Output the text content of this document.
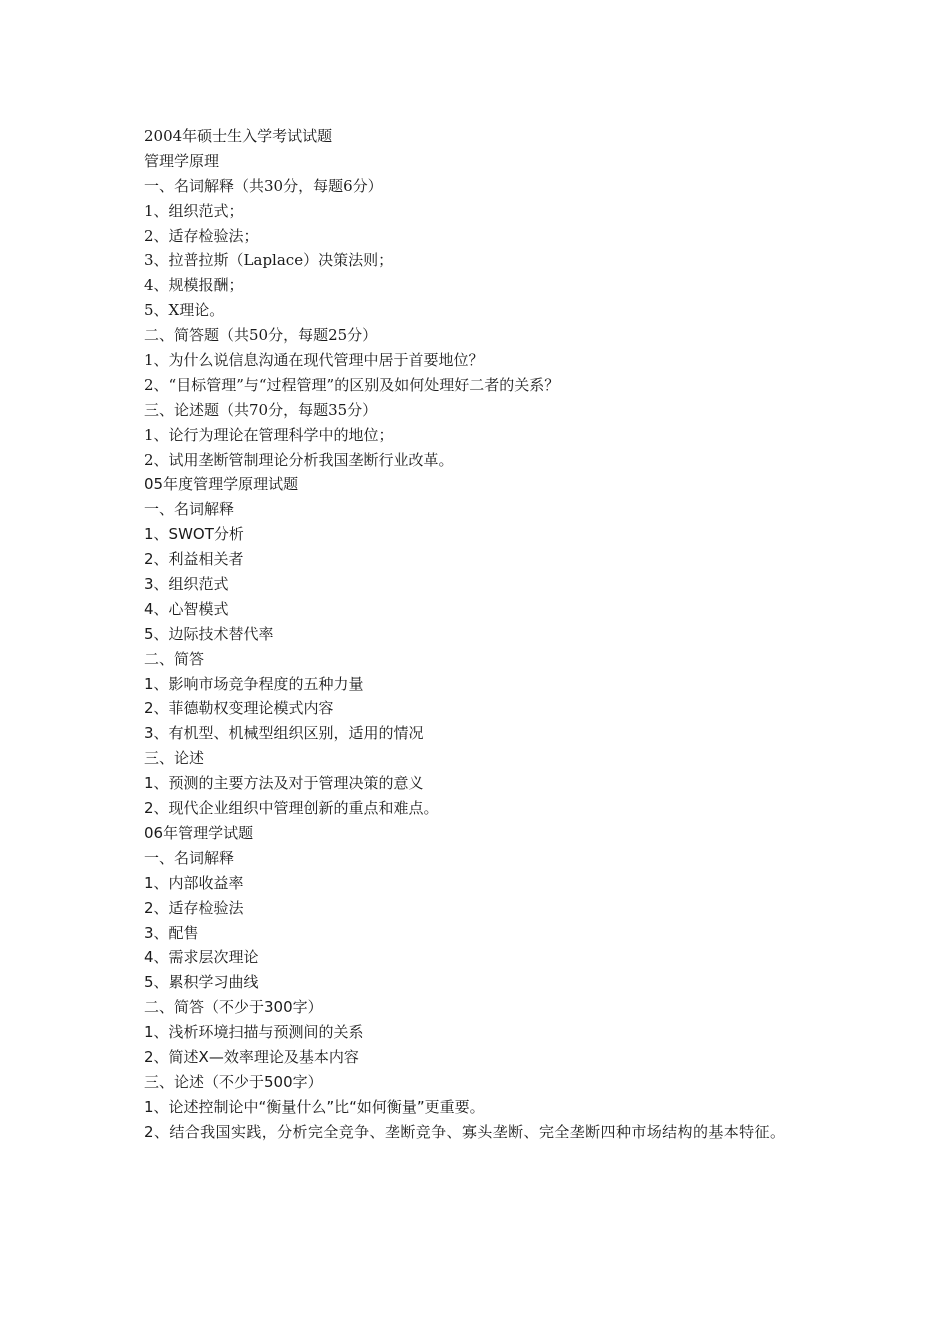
2004年硕士生入学考试试题
管理学原理
一、名词解释（共30分，每题6分）
1、组织范式；
2、适存检验法；
3、拉普拉斯（Laplace）决策法则；
4、规模报酬；
5、X理论。
二、简答题（共50分，每题25分）
1、为什么说信息沟通在现代管理中居于首要地位？
2、“目标管理”与“过程管理”的区别及如何处理好二者的关系？
三、论述题（共70分，每题35分）
1、论行为理论在管理科学中的地位；
2、试用垄断管制理论分析我国垄断行业改革。
05年度管理学原理试题
一、名词解释
1、SWOT分析
2、利益相关者
3、组织范式
4、心智模式
5、边际技术替代率
二、简答
1、影响市场竞争程度的五种力量
2、菲德勒权变理论模式内容
3、有机型、机械型组织区别，适用的情况
三、论述
1、预测的主要方法及对于管理决策的意义
2、现代企业组织中管理创新的重点和难点。
06年管理学试题
一、名词解释
1、内部收益率
2、适存检验法
3、配售
4、需求层次理论
5、累积学习曲线
二、简答（不少于300字）
1、浅析环境扫描与预测间的关系
2、简述X—效率理论及基本内容
三、论述（不少于500字）
1、论述控制论中“衡量什么”比“如何衡量”更重要。
2、结合我国实践，分析完全竞争、垄断竞争、寡头垄断、完全垄断四种市场结构的基本特征。
